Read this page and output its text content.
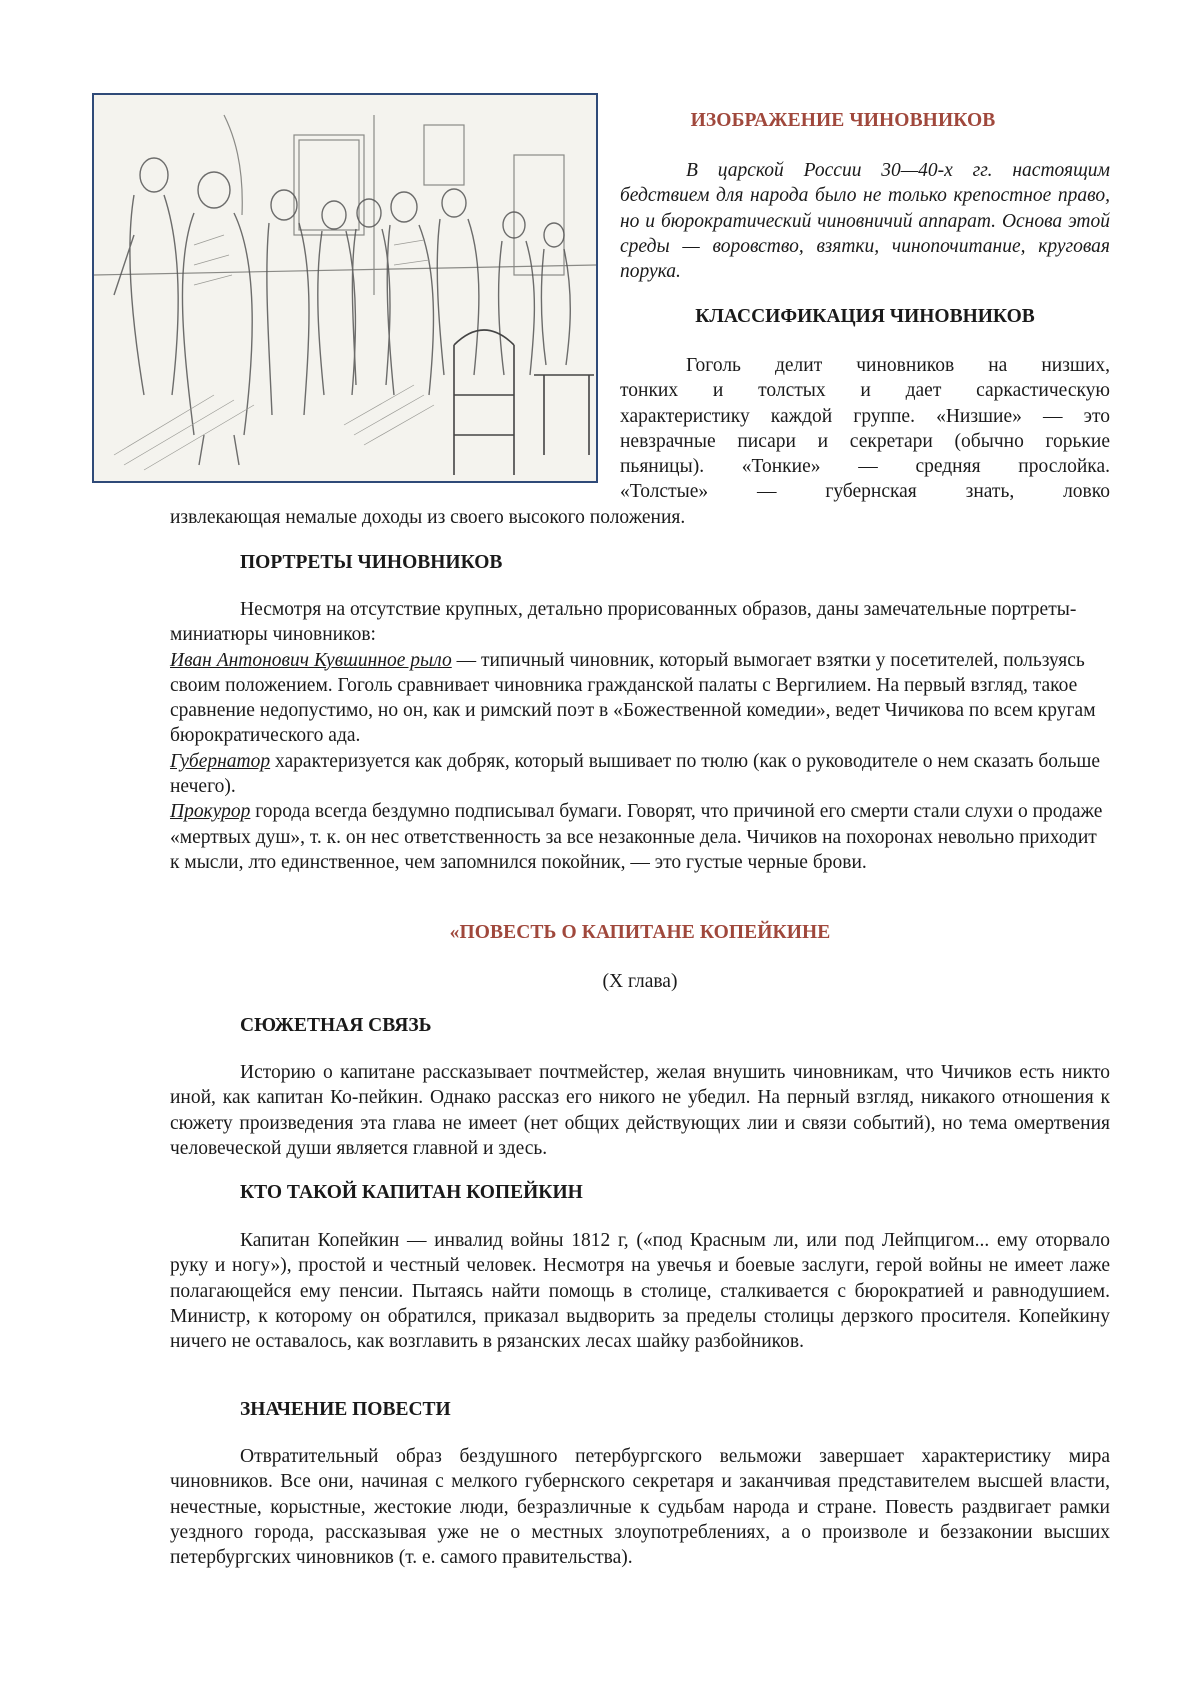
ИЗОБРАЖЕНИЕ ЧИНОВНИКОВ
В царской России 30—40-х гг. настоящим бедствием для народа было не только крепостное право, но и бюрократический чиновничий аппарат. Основа этой среды — воровство, взятки, чинопочитание, круговая порука.
КЛАССИФИКАЦИЯ ЧИНОВНИКОВ
Гоголь делит чиновников на низших,
тонких и толстых и дает саркастическую
характеристику каждой группе. «Низшие» — это
невзрачные писари и секретари (обычно горькие
пьяницы). «Тонкие» — средняя прослойка.
«Толстые» — губернская знать, ловко
извлекающая немалые доходы из своего высокого положения.
ПОРТРЕТЫ ЧИНОВНИКОВ
Несмотря на отсутствие крупных, детально прорисованных образов, даны замечательные портреты-миниатюры чиновников:
Иван Антонович Кувшинное рыло — типичный чиновник, который вымогает взятки у посетителей, пользуясь своим положением. Гоголь сравнивает чиновника гражданской палаты с Вергилием. На первый взгляд, такое сравнение недопустимо, но он, как и римский поэт в «Божественной комедии», ведет Чичикова по всем кругам бюрократического ада.
Губернатор характеризуется как добряк, который вышивает по тюлю (как о руководителе о нем сказать больше нечего).
Прокурор города всегда бездумно подписывал бумаги. Говорят, что причиной его смерти стали слухи о продаже «мертвых душ», т. к. он нес ответственность за все незаконные дела. Чичиков на похоронах невольно приходит к мысли, лто единственное, чем запомнился покойник, — это густые черные брови.
«ПОВЕСТЬ О КАПИТАНЕ КОПЕЙКИНЕ
(X глава)
СЮЖЕТНАЯ СВЯЗЬ
Историю о капитане рассказывает почтмейстер, желая внушить чиновникам, что Чичиков есть никто иной, как капитан Ко-пейкин. Однако рассказ его никого не убедил. На перный взгляд, никакого отношения к сюжету произведения эта глава не имеет (нет общих действующих лии и связи событий), но тема омертвения человеческой души является главной и здесь.
КТО ТАКОЙ КАПИТАН КОПЕЙКИН
Капитан Копейкин — инвалид войны 1812 г, («под Красным ли, или под Лейпцигом... ему оторвало руку и ногу»), простой и честный человек. Несмотря на увечья и боевые заслуги, герой войны не имеет лаже полагающейся ему пенсии. Пытаясь найти помощь в столице, сталкивается с бюрократией и равнодушием. Министр, к которому он обратился, приказал выдворить за пределы столицы дерзкого просителя. Копейкину ничего не оставалось, как возглавить в рязанских лесах шайку разбойников.
ЗНАЧЕНИЕ ПОВЕСТИ
Отвратительный образ бездушного петербургского вельможи завершает характеристику мира чиновников. Все они, начиная с мелкого губернского секретаря и заканчивая представителем высшей власти, нечестные, корыстные, жестокие люди, безразличные к судьбам народа и стране. Повесть раздвигает рамки уездного города, рассказывая уже не о местных злоупотреблениях, а о произволе и беззаконии высших петербургских чиновников (т. е. самого правительства).
